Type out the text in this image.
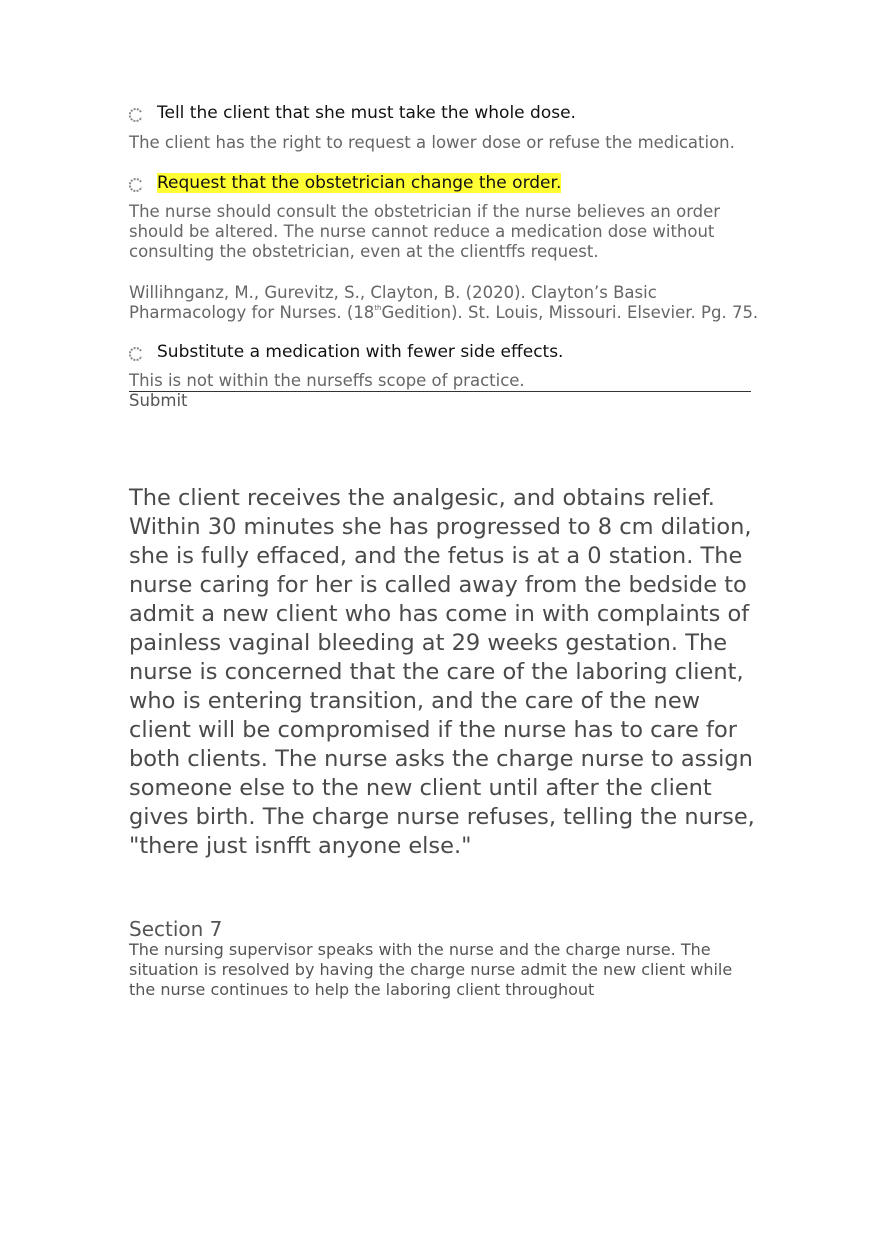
Tell the client that she must take the whole dose.
The client has the right to request a lower dose or refuse the medication.
Request that the obstetrician change the order.
The nurse should consult the obstetrician if the nurse believes an order should be altered. The nurse cannot reduce a medication dose without consulting the obstetrician, even at the clientffs request.
Willihnganz, M., Gurevitz, S., Clayton, B. (2020). Clayton’s Basic Pharmacology for Nurses. (18thGedition). St. Louis, Missouri. Elsevier. Pg. 75.
Substitute a medication with fewer side effects.
This is not within the nurseffs scope of practice.
Submit
The client receives the analgesic, and obtains relief. Within 30 minutes she has progressed to 8 cm dilation, she is fully effaced, and the fetus is at a 0 station. The nurse caring for her is called away from the bedside to admit a new client who has come in with complaints of painless vaginal bleeding at 29 weeks gestation. The nurse is concerned that the care of the laboring client, who is entering transition, and the care of the new client will be compromised if the nurse has to care for both clients. The nurse asks the charge nurse to assign someone else to the new client until after the client gives birth. The charge nurse refuses, telling the nurse, "there just isnfft anyone else."
Section 7
The nursing supervisor speaks with the nurse and the charge nurse. The situation is resolved by having the charge nurse admit the new client while the nurse continues to help the laboring client throughout
